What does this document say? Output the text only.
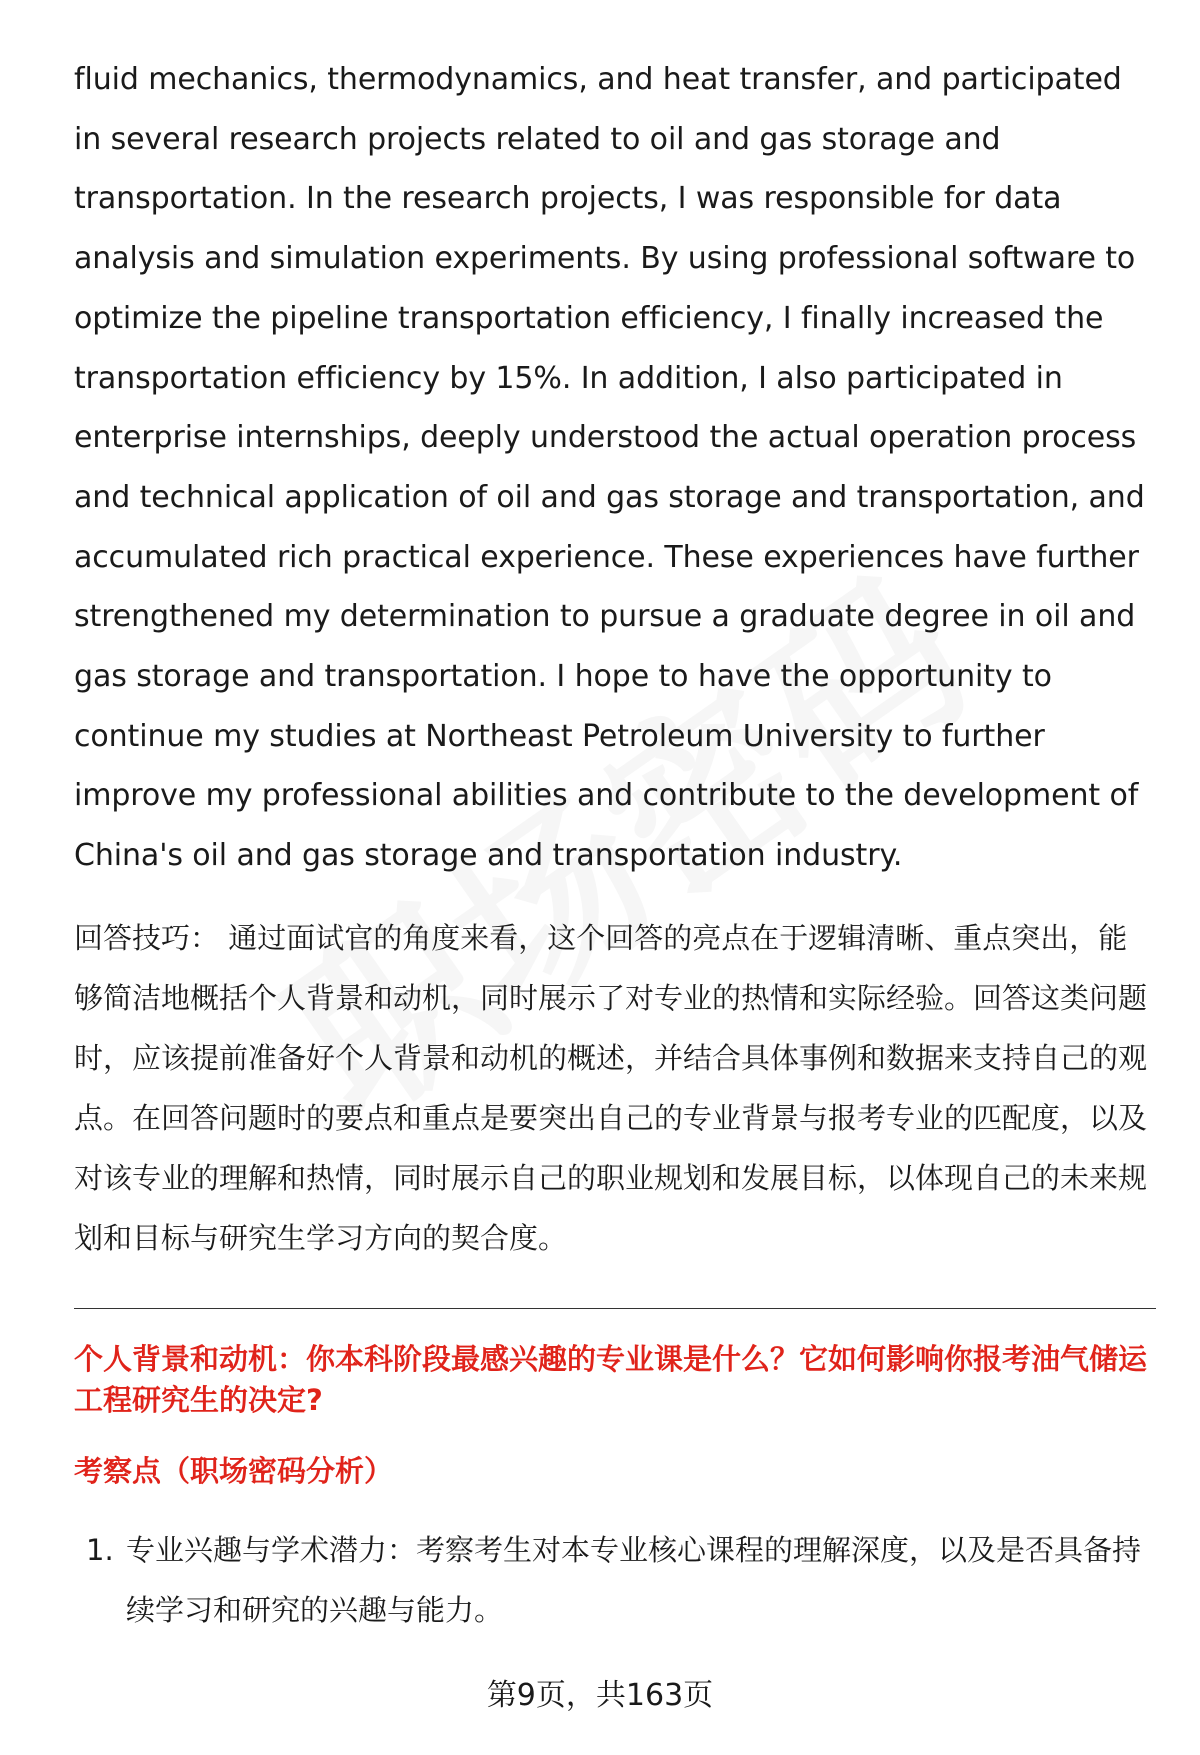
fluid mechanics, thermodynamics, and heat transfer, and participated in several research projects related to oil and gas storage and transportation. In the research projects, I was responsible for data analysis and simulation experiments. By using professional software to optimize the pipeline transportation efficiency, I finally increased the transportation efficiency by 15%. In addition, I also participated in enterprise internships, deeply understood the actual operation process and technical application of oil and gas storage and transportation, and accumulated rich practical experience. These experiences have further strengthened my determination to pursue a graduate degree in oil and gas storage and transportation. I hope to have the opportunity to continue my studies at Northeast Petroleum University to further improve my professional abilities and contribute to the development of China's oil and gas storage and transportation industry.

回答技巧： 通过面试官的角度来看，这个回答的亮点在于逻辑清晰、重点突出，能够简洁地概括个人背景和动机，同时展示了对专业的热情和实际经验。回答这类问题时，应该提前准备好个人背景和动机的概述，并结合具体事例和数据来支持自己的观点。在回答问题时的要点和重点是要突出自己的专业背景与报考专业的匹配度，以及对该专业的理解和热情，同时展示自己的职业规划和发展目标，以体现自己的未来规划和目标与研究生学习方向的契合度。

个人背景和动机：你本科阶段最感兴趣的专业课是什么？它如何影响你报考油气储运工程研究生的决定?
考察点（职场密码分析）
1. 专业兴趣与学术潜力：考察考生对本专业核心课程的理解深度，以及是否具备持续学习和研究的兴趣与能力。
第9页，共163页
